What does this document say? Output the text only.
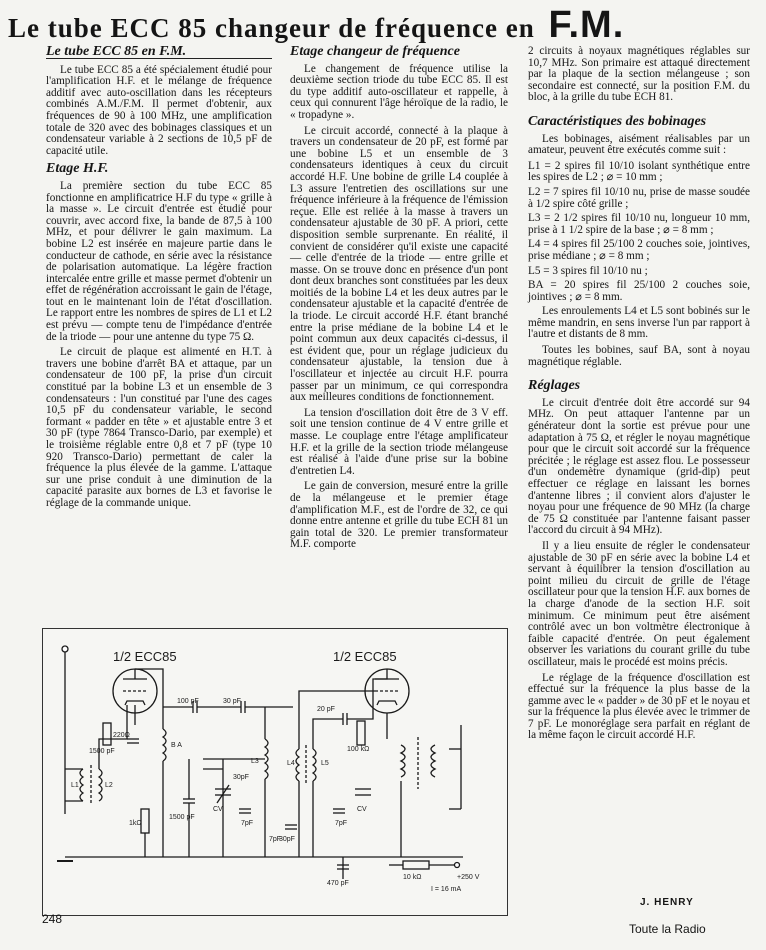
Le tube ECC 85 changeur de fréquence en F.M.
Le tube ECC 85 en F.M.

Le tube ECC 85 a été spécialement étudié pour l'amplification H.F. et le mélange de fréquence additif avec auto-oscillation dans les récepteurs combinés A.M./F.M. Il permet d'obtenir, aux fréquences de 90 à 100 MHz, une amplification totale de 320 avec des bobinages classiques et un condensateur variable à 2 sections de 10,5 pF de capacité utile.

Etage H.F.

La première section du tube ECC 85 fonctionne en amplificatrice H.F du type « grille à la masse ». Le circuit d'entrée est étudié pour couvrir, avec accord fixe, la bande de 87,5 à 100 MHz, et pour délivrer le gain maximum. La bobine L2 est insérée en majeure partie dans le conducteur de cathode, en série avec la résistance de polarisation automatique. La légère fraction intercalée entre grille et masse permet d'obtenir un effet de régénération accroissant le gain de l'étage, tout en le maintenant loin de l'état d'oscillation. Le rapport entre les nombres de spires de L1 et L2 est prévu — compte tenu de l'impédance d'entrée de la triode — pour une antenne du type 75 Ω.

Le circuit de plaque est alimenté en H.T. à travers une bobine d'arrêt BA et attaque, par un condensateur de 100 pF, la prise d'un circuit constitué par la bobine L3 et un ensemble de 3 condensateurs : l'un constitué par l'une des cages 10,5 pF du condensateur variable, le second formant « padder en tête » et ajustable entre 3 et 30 pF (type 7864 Transco-Dario, par exemple) et le troisième réglable entre 0,8 et 7 pF (type 10 920 Transco-Dario) permettant de caler la fréquence la plus élevée de la gamme. L'attaque sur une prise conduit à une diminution de la capacité parasite aux bornes de L3 et favorise le réglage de la commande unique.

Etage changeur de fréquence

Le changement de fréquence utilise la deuxième section triode du tube ECC 85. Il est du type additif auto-oscillateur et rappelle, à ceux qui connurent l'âge héroïque de la radio, le « tropadyne ».

Le circuit accordé, connecté à la plaque à travers un condensateur de 20 pF, est formé par une bobine L5 et un ensemble de 3 condensateurs identiques à ceux du circuit accordé H.F. Une bobine de grille L4 couplée à L3 assure l'entretien des oscillations sur une fréquence inférieure à la fréquence de l'émission reçue. Elle est reliée à la masse à travers un condensateur ajustable de 30 pF. A priori, cette disposition semble surprenante. En réalité, il convient de considérer qu'il existe une capacité — celle d'entrée de la triode — entre grille et masse. On se trouve donc en présence d'un pont dont deux branches sont constituées par les deux moitiés de la bobine L4 et les deux autres par le condensateur ajustable et la capacité d'entrée de la triode. Le circuit accordé H.F. étant branché entre la prise médiane de la bobine L4 et le point commun aux deux capacités ci-dessus, il est évident que, pour un réglage judicieux du condensateur ajustable, la tension due à l'oscillateur et injectée au circuit H.F. pourra passer par un minimum, ce qui correspondra aux meilleures conditions de fonctionnement.

La tension d'oscillation doit être de 3 V eff. soit une tension continue de 4 V entre grille et masse. Le couplage entre l'étage amplificateur H.F. et la grille de la section triode mélangeuse est réalisé à l'aide d'une prise sur la bobine d'entretien L4.

Le gain de conversion, mesuré entre la grille de la mélangeuse et le premier étage d'amplification M.F., est de l'ordre de 32, ce qui donne entre antenne et grille du tube ECH 81 un gain total de 320. Le premier transformateur M.F. comporte

2 circuits à noyaux magnétiques réglables sur 10,7 MHz. Son primaire est attaqué directement par la plaque de la section mélangeuse ; son secondaire est connecté, sur la position F.M. du bloc, à la grille du tube ECH 81.

Caractéristiques des bobinages

Les bobinages, aisément réalisables par un amateur, peuvent être exécutés comme suit :

L1 = 2 spires fil 10/10 isolant synthétique entre les spires de L2 ; ⌀ = 10 mm ;

L2 = 7 spires fil 10/10 nu, prise de masse soudée à 1/2 spire côté grille ;

L3 = 2 1/2 spires fil 10/10 nu, longueur 10 mm, prise à 1 1/2 spire de la base ; ⌀ = 8 mm ;

L4 = 4 spires fil 25/100 2 couches soie, jointives, prise médiane ; ⌀ = 8 mm ;

L5 = 3 spires fil 10/10 nu ;

BA = 20 spires fil 25/100 2 couches soie, jointives ; ⌀ = 8 mm.

Les enroulements L4 et L5 sont bobinés sur le même mandrin, en sens inverse l'un par rapport à l'autre et distants de 8 mm.

Toutes les bobines, sauf BA, sont à noyau magnétique réglable.

Réglages

Le circuit d'entrée doit être accordé sur 94 MHz. On peut attaquer l'antenne par un générateur dont la sortie est prévue pour une adaptation à 75 Ω, et régler le noyau magnétique pour que le circuit soit accordé sur la fréquence précitée ; le réglage est assez flou. Le possesseur d'un ondemètre dynamique (grid-dip) peut effectuer ce réglage en laissant les bornes d'antenne libres ; il convient alors d'ajuster le noyau pour une fréquence de 90 MHz (la charge de 75 Ω constituée par l'antenne faisant passer l'accord du circuit à 94 MHz).

Il y a lieu ensuite de régler le condensateur ajustable de 30 pF en série avec la bobine L4 et servant à équilibrer la tension d'oscillation au point milieu du circuit de grille de l'étage oscillateur pour que la tension H.F. aux bornes de la charge d'anode de la section H.F. soit minimum. Ce minimum peut être aisément contrôlé avec un bon voltmètre électronique à faible capacité d'entrée. On peut également observer les variations du courant grille du tube oscillateur, mais le procédé est moins précis.

Le réglage de la fréquence d'oscillation est effectué sur la fréquence la plus basse de la gamme avec le « padder » de 30 pF et le noyau et sur la fréquence la plus élevée avec le trimmer de 7 pF. Le monoréglage sera parfait en réglant de la même façon le circuit accordé H.F.

1/2 ECC85	1/2 ECC85
100 pF	30 pF
20 pF
1500 pF
220Ω
1kΩ
100 kΩ
1500 pF
B A
L1	L2
L3	L4	L5
CV	CV
30pF
7pF
7pF
30pF
7pF
470 pF
10 kΩ	+250 V
I = 16 mA
248
J. HENRY
Toute la Radio
